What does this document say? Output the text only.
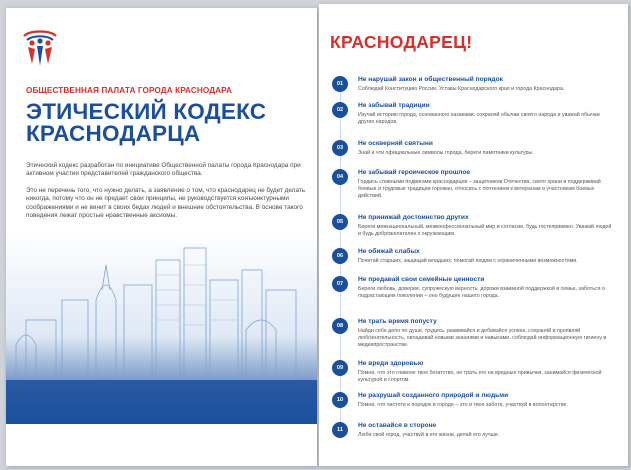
ОБЩЕСТВЕННАЯ ПАЛАТА ГОРОДА КРАСНОДАРА
ЭТИЧЕСКИЙ КОДЕКС
КРАСНОДАРЦА

Этический кодекс разработан по инициативе Общественной палаты города Краснодара при активном участии представителей гражданского общества.

Это не перечень того, что нужно делать, а заявление о том, что краснодарец не будет делать никогда, потому что он не предает свои принципы, не руководствуется конъюнктурными соображениями и не винит в своих бедах людей и внешние обстоятельства. В основе такого поведения лежат простые нравственные аксиомы.

Принят на V ежегодном Форуме общественных объединений муниципального образования город Краснодар «Гражданская солидарность» 21 ноября 2024 года.
КРАСНОДАРЕЦ!
01
Не нарушай закон и общественный порядок
Соблюдай Конституцию России, Уставы Краснодарского края и города Краснодара.
02
Не забывай традиции
Изучай историю города, основанного казаками, сохраняй обычаи своего народа и уважай обычаи других народов.
03
Не оскверняй святыни
Знай и чти официальные символы города, береги памятники культуры.
04
Не забывай героическое прошлое
Гордись славными подвигами краснодарцев – защитников Отечества, свято храни и поддерживай боевые и трудовые традиции горожан, относись с почтением к ветеранам и участникам боевых действий.
05
Не принижай достоинство других
Береги межнациональный, межконфессиональный мир и согласие, будь гостеприимен. Уважай людей и будь доброжелателен к окружающим.
06
Не обижай слабых
Почитай старших, защищай младших, помогай людям с ограниченными возможностями.
07
Не предавай свои семейные ценности
Береги любовь, доверие, супружескую верность, дорожи взаимной поддержкой в семье, заботься о подрастающем поколении – оно будущее нашего города.
08
Не трать время попусту
Найди себе дело по душе, трудись, развивайся и добивайся успеха, сохраняй и проявляй любознательность, овладевай новыми знаниями и навыками, соблюдай информационную гигиену в медиапространстве.
09
Не вреди здоровью
Помни, что это главное твое богатство, не трать его на вредные привычки, занимайся физической культурой и спортом.
10
Не разрушай созданного природой и людьми
Помни, что чистота и порядок в городе – это и твоя забота, участвуй в волонтерстве.
11
Не оставайся в стороне
Люби свой город, участвуй в его жизни, делай его лучше.
